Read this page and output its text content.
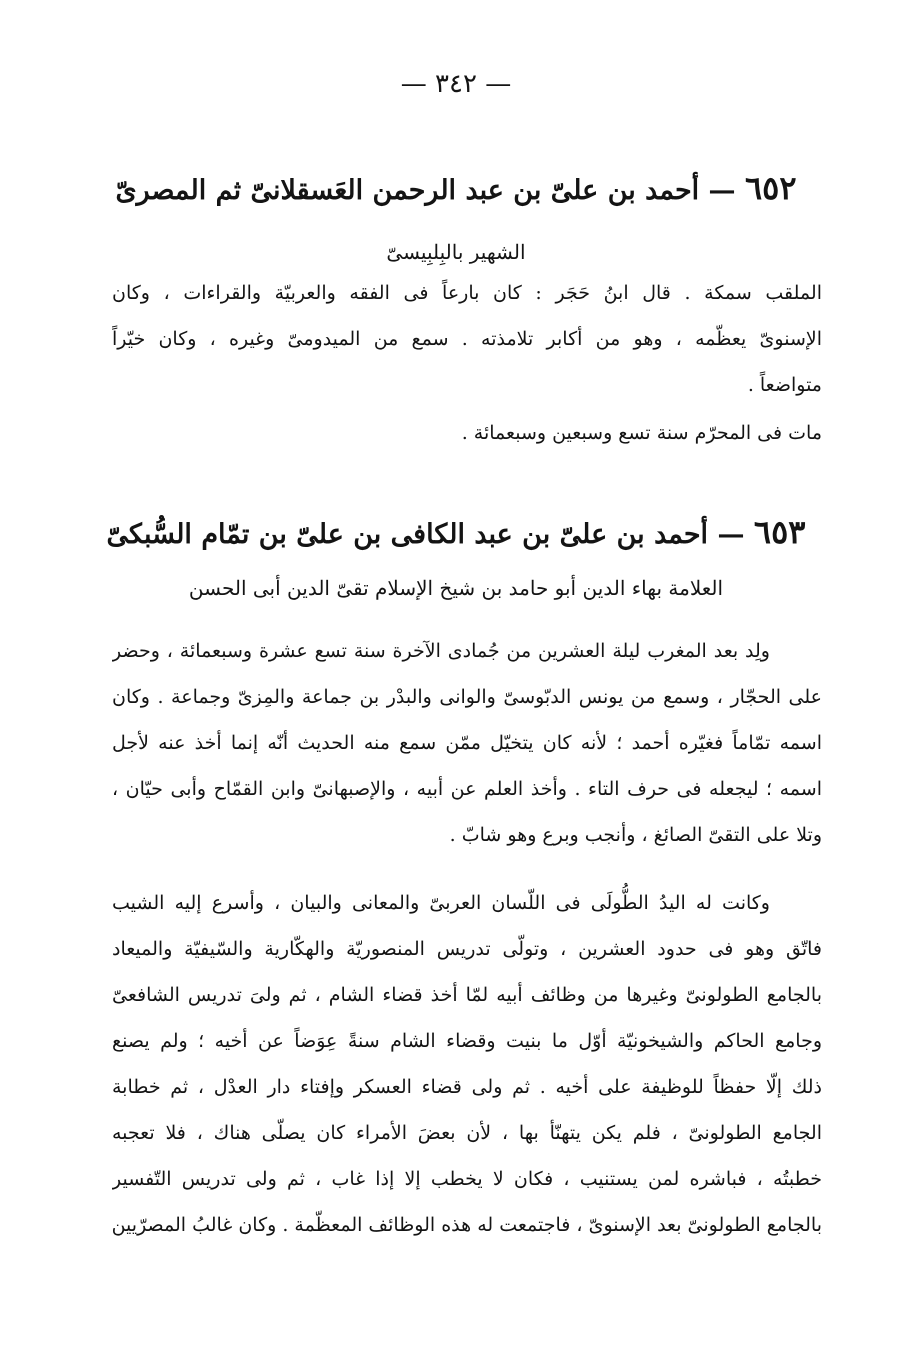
— ٣٤٢ —
٦٥٢ — أحمد بن علىّ بن عبد الرحمن العَسقلانىّ ثم المصرىّ
الشهير بالبِلبِيسىّ
الملقب سمكة . قال ابنُ حَجَر : كان بارعاً فى الفقه والعربيّة والقراءات ، وكان
الإسنوىّ يعظّمه ، وهو من أكابر تلامذته . سمع من الميدومىّ وغيره ، وكان خيّراً
متواضعاً .
مات فى المحرّم سنة تسع وسبعين وسبعمائة .
٦٥٣ — أحمد بن علىّ بن عبد الكافى بن علىّ بن تمّام السُّبكىّ
العلامة بهاء الدين أبو حامد بن شيخ الإسلام تقىّ الدين أبى الحسن
ولِد بعد المغرب ليلة العشرين من جُمادى الآخرة سنة تسع عشرة وسبعمائة ، وحضر
على الحجّار ، وسمع من يونس الدبّوسىّ والوانى والبدْر بن جماعة والمِزىّ وجماعة . وكان
اسمه تمّاماً فغيّره أحمد ؛ لأنه كان يتخيّل ممّن سمع منه الحديث أنّه إنما أخذ عنه لأجل
اسمه ؛ ليجعله فى حرف التاء . وأخذ العلم عن أبيه ، والإصبهانىّ وابن القمّاح وأبى حيّان ،
وتلا على التقىّ الصائغ ، وأنجب وبرع وهو شابّ .
وكانت له اليدُ الطُّولَى فى اللّسان العربىّ والمعانى والبيان ، وأسرع إليه الشيب
فاتّق وهو فى حدود العشرين ، وتولّى تدريس المنصوريّة والهكّارية والسّيفيّة والميعاد
بالجامع الطولونىّ وغيرها من وظائف أبيه لمّا أخذ قضاء الشام ، ثم ولىَ تدريس الشافعىّ
وجامع الحاكم والشيخونيّة أوّل ما بنيت وقضاء الشام سنةً عِوَضاً عن أخيه ؛ ولم يصنع
ذلك إلّا حفظاً للوظيفة على أخيه . ثم ولى قضاء العسكر وإفتاء دار العدْل ، ثم خطابة
الجامع الطولونىّ ، فلم يكن يتهنّأ بها ، لأن بعضَ الأمراء كان يصلّى هناك ، فلا تعجبه
خطبتُه ، فباشره لمن يستنيب ، فكان لا يخطب إلا إذا غاب ، ثم ولى تدريس التّفسير
بالجامع الطولونىّ بعد الإسنوىّ ، فاجتمعت له هذه الوظائف المعظّمة . وكان غالبُ المصرّيين
